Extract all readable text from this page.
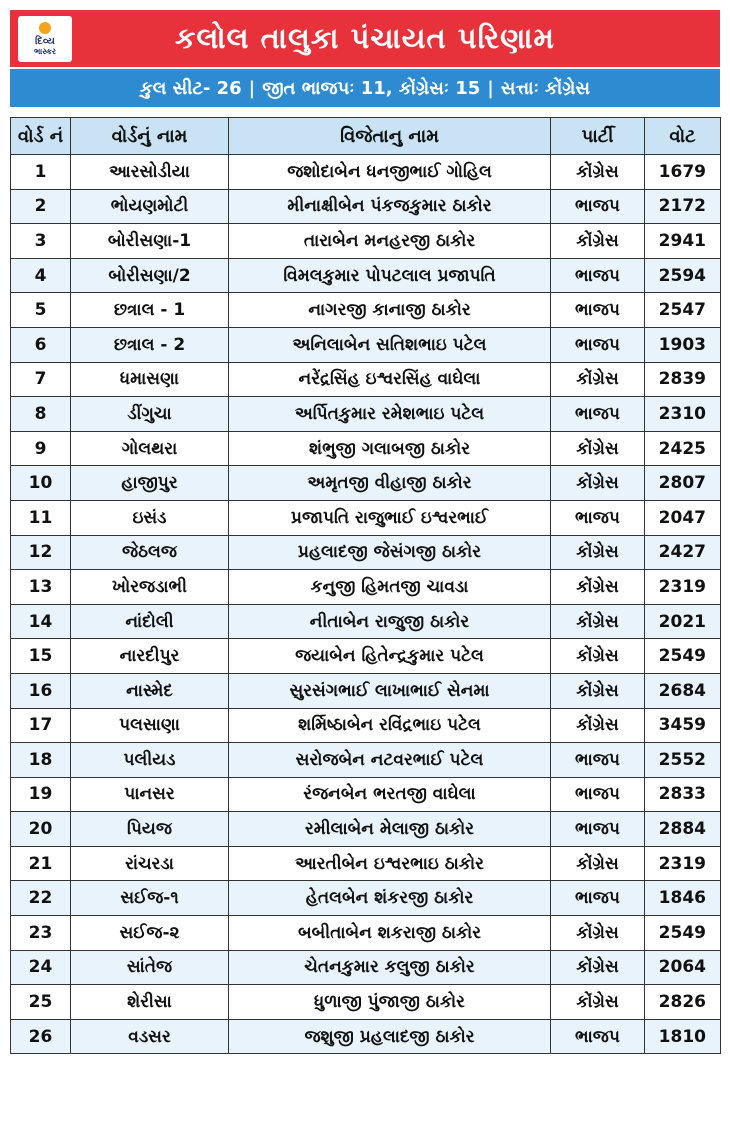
દિવ્ય
ભાસ્કર	કલોલ તાલુકા પંચાયત પરિણામ
કુલ સીટ- 26 | જીત ભાજપઃ 11, કોંગ્રેસઃ 15 | સત્તાઃ કોંગ્રેસ
વોર્ડ નં	વોર્ડનું નામ	વિજેતાનુ નામ	પાર્ટી	વોટ
1	આરસોડીયા	જશોદાબેન ધનજીભાઈ ગોહિલ	કોંગ્રેસ	1679
2	ભોયણમોટી	મીનાક્ષીબેન પંકજકુમાર ઠાકોર	ભાજપ	2172
3	બોરીસણા-1	તારાબેન મનહરજી ઠાકોર	કોંગ્રેસ	2941
4	બોરીસણા/2	વિમલકુમાર પોપટલાલ પ્રજાપતિ	ભાજપ	2594
5	છત્રાલ - 1	નાગરજી કાનાજી ઠાકોર	ભાજપ	2547
6	છત્રાલ - 2	અનિલાબેન સતિશભાઇ પટેલ	ભાજપ	1903
7	ધમાસણા	નરેંદ્રસિંહ ઇશ્વરસિંહ વાઘેલા	કોંગ્રેસ	2839
8	ડીંગુચા	અર્પિતકુમાર રમેશભાઇ પટેલ	ભાજપ	2310
9	ગોલથરા	શંભુજી ગલાબજી ઠાકોર	કોંગ્રેસ	2425
10	હાજીપુર	અમૃતજી વીહાજી ઠાકોર	કોંગ્રેસ	2807
11	ઇસંડ	પ્રજાપતિ રાજુભાઈ ઇશ્વરભાઈ	ભાજપ	2047
12	જેઠલજ	પ્રહલાદજી જેસંગજી ઠાકોર	કોંગ્રેસ	2427
13	ખોરજડાભી	કનુજી હિમતજી ચાવડા	કોંગ્રેસ	2319
14	નાંદોલી	નીતાબેન રાજુજી ઠાકોર	કોંગ્રેસ	2021
15	નારદીપુર	જયાબેન હિતેન્દ્રકુમાર પટેલ	કોંગ્રેસ	2549
16	નાસ્મેદ	સુરસંગભાઈ લાખાભાઈ સેનમા	કોંગ્રેસ	2684
17	પલસાણા	શર્મિષ્ઠાબેન રવિંદ્રભાઇ પટેલ	કોંગ્રેસ	3459
18	પલીયડ	સરોજબેન નટવરભાઈ પટેલ	ભાજપ	2552
19	પાનસર	રંજનબેન ભરતજી વાઘેલા	ભાજપ	2833
20	પિયજ	રમીલાબેન મેલાજી ઠાકોર	ભાજપ	2884
21	રાંચરડા	આરતીબેન ઇશ્વરભાઇ ઠાકોર	કોંગ્રેસ	2319
22	સઈજ-૧	હેતલબેન શંકરજી ઠાકોર	ભાજપ	1846
23	સઈજ-૨	બબીતાબેન શકરાજી ઠાકોર	કોંગ્રેસ	2549
24	સાંતેજ	ચેતનકુમાર કલુજી ઠાકોર	કોંગ્રેસ	2064
25	શેરીસા	ધુળાજી પુંજાજી ઠાકોર	કોંગ્રેસ	2826
26	વડસર	જશુજી પ્રહલાદજી ઠાકોર	ભાજપ	1810
